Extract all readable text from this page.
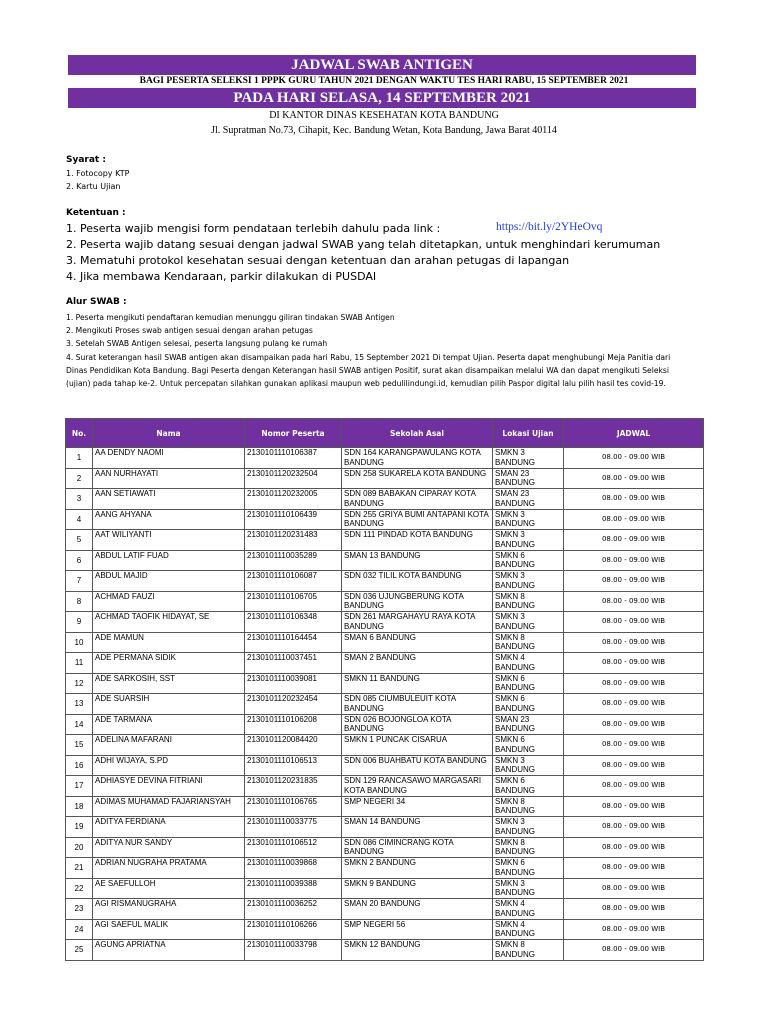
JADWAL SWAB ANTIGEN
BAGI PESERTA SELEKSI 1 PPPK GURU TAHUN 2021 DENGAN WAKTU TES HARI RABU, 15 SEPTEMBER 2021
PADA HARI SELASA, 14 SEPTEMBER 2021
DI KANTOR DINAS KESEHATAN KOTA BANDUNG
Jl. Supratman No.73, Cihapit, Kec. Bandung Wetan, Kota Bandung, Jawa Barat 40114
Syarat :
1. Fotocopy KTP
2. Kartu Ujian
Ketentuan :
1. Peserta wajib mengisi form pendataan terlebih dahulu pada link :	https://bit.ly/2YHeOvq
2. Peserta wajib datang sesuai dengan jadwal SWAB yang telah ditetapkan, untuk menghindari kerumuman
3. Mematuhi protokol kesehatan sesuai dengan ketentuan dan arahan petugas di lapangan
4. Jika membawa Kendaraan, parkir dilakukan di PUSDAI
Alur SWAB :
1. Peserta mengikuti pendaftaran kemudian menunggu giliran tindakan SWAB Antigen
2. Mengikuti Proses swab antigen sesuai dengan arahan petugas
3. Setelah SWAB Antigen selesai, peserta langsung pulang ke rumah
4. Surat keterangan hasil SWAB antigen akan disampaikan pada hari Rabu, 15 September 2021 Di tempat Ujian. Peserta dapat menghubungi Meja Panitia dari Dinas Pendidikan Kota Bandung. Bagi Peserta dengan Keterangan hasil SWAB antigen Positif, surat akan disampaikan melalui WA dan dapat mengikuti Seleksi (ujian) pada tahap ke-2. Untuk percepatan silahkan gunakan aplikasi maupun web pedulilindungi.id, kemudian pilih Paspor digital lalu pilih hasil tes covid-19.
No.	Nama	Nomor Peserta	Sekolah Asal	Lokasi Ujian	JADWAL
1	AA DENDY NAOMI	2130101110106387	SDN 164 KARANGPAWULANG KOTA BANDUNG	SMKN 3 BANDUNG	08.00 - 09.00 WIB
2	AAN NURHAYATI	2130101120232504	SDN 258 SUKARELA KOTA BANDUNG	SMAN 23 BANDUNG	08.00 - 09.00 WIB
3	AAN SETIAWATI	2130101120232005	SDN 089 BABAKAN CIPARAY KOTA BANDUNG	SMAN 23 BANDUNG	08.00 - 09.00 WIB
4	AANG AHYANA	2130101110106439	SDN 255 GRIYA BUMI ANTAPANI KOTA BANDUNG	SMKN 3 BANDUNG	08.00 - 09.00 WIB
5	AAT WILIYANTI	2130101120231483	SDN 111 PINDAD KOTA BANDUNG	SMKN 3 BANDUNG	08.00 - 09.00 WIB
6	ABDUL LATIF FUAD	2130101110035289	SMAN 13 BANDUNG	SMKN 6 BANDUNG	08.00 - 09.00 WIB
7	ABDUL MAJID	2130101110106087	SDN 032 TILIL KOTA BANDUNG	SMKN 3 BANDUNG	08.00 - 09.00 WIB
8	ACHMAD FAUZI	2130101110106705	SDN 036 UJUNGBERUNG KOTA BANDUNG	SMKN 8 BANDUNG	08.00 - 09.00 WIB
9	ACHMAD TAOFIK HIDAYAT, SE	2130101110106348	SDN 261 MARGAHAYU RAYA KOTA BANDUNG	SMKN 3 BANDUNG	08.00 - 09.00 WIB
10	ADE MAMUN	2130101110164454	SMAN 6 BANDUNG	SMKN 8 BANDUNG	08.00 - 09.00 WIB
11	ADE PERMANA SIDIK	2130101110037451	SMAN 2 BANDUNG	SMKN 4 BANDUNG	08.00 - 09.00 WIB
12	ADE SARKOSIH, SST	2130101110039081	SMKN 11 BANDUNG	SMKN 6 BANDUNG	08.00 - 09.00 WIB
13	ADE SUARSIH	2130101120232454	SDN 085 CIUMBULEUIT KOTA BANDUNG	SMKN 6 BANDUNG	08.00 - 09.00 WIB
14	ADE TARMANA	2130101110106208	SDN 026 BOJONGLOA KOTA BANDUNG	SMAN 23 BANDUNG	08.00 - 09.00 WIB
15	ADELINA MAFARANI	2130101120084420	SMKN 1 PUNCAK CISARUA	SMKN 6 BANDUNG	08.00 - 09.00 WIB
16	ADHI WIJAYA, S.PD	2130101110106513	SDN 006 BUAHBATU KOTA BANDUNG	SMKN 3 BANDUNG	08.00 - 09.00 WIB
17	ADHIASYE DEVINA FITRIANI	2130101120231835	SDN 129 RANCASAWO MARGASARI KOTA BANDUNG	SMKN 6 BANDUNG	08.00 - 09.00 WIB
18	ADIMAS MUHAMAD FAJARIANSYAH	2130101110106765	SMP NEGERI 34	SMKN 8 BANDUNG	08.00 - 09.00 WIB
19	ADITYA FERDIANA	2130101110033775	SMAN 14 BANDUNG	SMKN 3 BANDUNG	08.00 - 09.00 WIB
20	ADITYA NUR SANDY	2130101110106512	SDN 086 CIMINCRANG KOTA BANDUNG	SMKN 8 BANDUNG	08.00 - 09.00 WIB
21	ADRIAN NUGRAHA PRATAMA	2130101110039868	SMKN 2 BANDUNG	SMKN 6 BANDUNG	08.00 - 09.00 WIB
22	AE SAEFULLOH	2130101110039388	SMKN 9 BANDUNG	SMKN 3 BANDUNG	08.00 - 09.00 WIB
23	AGI RISMANUGRAHA	2130101110036252	SMAN 20 BANDUNG	SMKN 4 BANDUNG	08.00 - 09.00 WIB
24	AGI SAEFUL MALIK	2130101110106266	SMP NEGERI 56	SMKN 4 BANDUNG	08.00 - 09.00 WIB
25	AGUNG APRIATNA	2130101110033798	SMKN 12 BANDUNG	SMKN 8 BANDUNG	08.00 - 09.00 WIB
